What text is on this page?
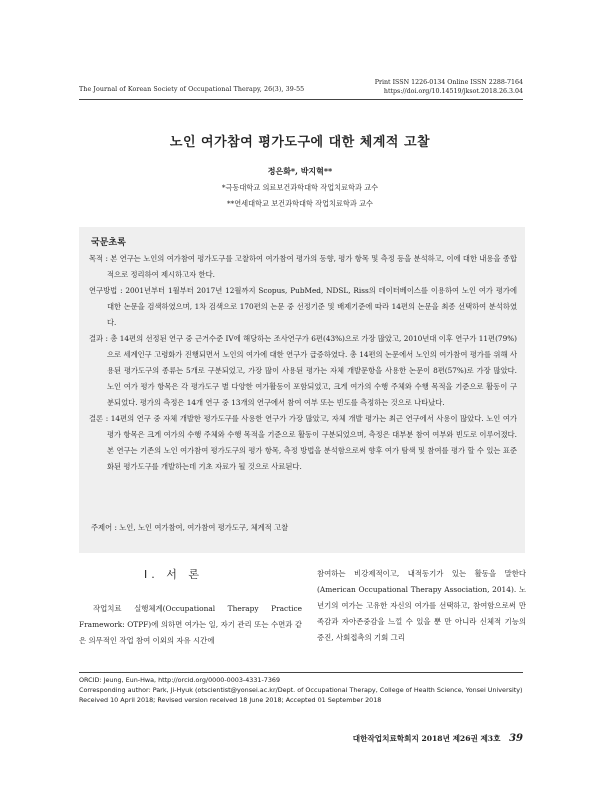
The Journal of Korean Society of Occupational Therapy, 26(3), 39-55
Print ISSN 1226-0134 Online ISSN 2288-7164
https://doi.org/10.14519/jksot.2018.26.3.04
노인 여가참여 평가도구에 대한 체계적 고찰
정은화*, 박지혁**
*극동대학교 의료보건과학대학 작업치료학과 교수
**연세대학교 보건과학대학 작업치료학과 교수
국문초록

목적 : 본 연구는 노인의 여가참여 평가도구를 고찰하여 여가참여 평가의 동향, 평가 항목 및 측정 등을 분석하고, 이에 대한 내용을 종합적으로 정리하여 제시하고자 한다.

연구방법 : 2001년부터 1월부터 2017년 12월까지 Scopus, PubMed, NDSL, Riss의 데이터베이스를 이용하여 노인 여가 평가에 대한 논문을 검색하였으며, 1차 검색으로 170편의 논문 중 선정기준 및 배제기준에 따라 14편의 논문을 최종 선택하여 분석하였다.

결과 : 총 14편의 선정된 연구 중 근거수준 IV에 해당하는 조사연구가 6편(43%)으로 가장 많았고, 2010년대 이후 연구가 11편(79%)으로 세계인구 고령화가 진행되면서 노인의 여가에 대한 연구가 급증하였다. 총 14편의 논문에서 노인의 여가참여 평가를 위해 사용된 평가도구의 종류는 5개로 구분되었고, 가장 많이 사용된 평가는 자체 개발문항을 사용한 논문이 8편(57%)로 가장 많았다. 노인 여가 평가 항목은 각 평가도구 별 다양한 여가활동이 포함되었고, 크게 여가의 수행 주체와 수행 목적을 기준으로 활동이 구분되었다. 평가의 측정은 14개 연구 중 13개의 연구에서 참여 여부 또는 빈도를 측정하는 것으로 나타났다.

결론 : 14편의 연구 중 자체 개발한 평가도구를 사용한 연구가 가장 많았고, 자체 개발 평가는 최근 연구에서 사용이 많았다. 노인 여가 평가 항목은 크게 여가의 수행 주체와 수행 목적을 기준으로 활동이 구분되었으며, 측정은 대부분 참여 여부와 빈도로 이루어졌다. 본 연구는 기존의 노인 여가참여 평가도구의 평가 항목, 측정 방법을 분석함으로써 향후 여가 탐색 및 참여를 평가 할 수 있는 표준화된 평가도구를 개발하는데 기초 자료가 될 것으로 사료된다.

주제어 : 노인, 노인 여가참여, 여가참여 평가도구, 체계적 고찰
Ⅰ. 서 론
작업치료 실행체계(Occupational Therapy Practice Framework: OTPF)에 의하면 여가는 일, 자기 관리 또는 수면과 같은 의무적인 작업 참여 이외의 자유 시간에
참여하는 비강제적이고, 내적동기가 있는 활동을 말한다(American Occupational Therapy Association, 2014). 노년기의 여가는 고유한 자신의 여가를 선택하고, 참여함으로써 만족감과 자아존중감을 느낄 수 있을 뿐 만 아니라 신체적 기능의 증진, 사회접촉의 기회 그리
ORCID: Jeung, Eun-Hwa, http://orcid.org/0000-0003-4331-7369
Corresponding author: Park, Ji-Hyuk (otscientist@yonsei.ac.kr/Dept. of Occupational Therapy, College of Health Science, Yonsei University)
Received 10 April 2018; Revised version received 18 June 2018; Accepted 01 September 2018
대한작업치료학회지 2018년 제26권 제3호 39
